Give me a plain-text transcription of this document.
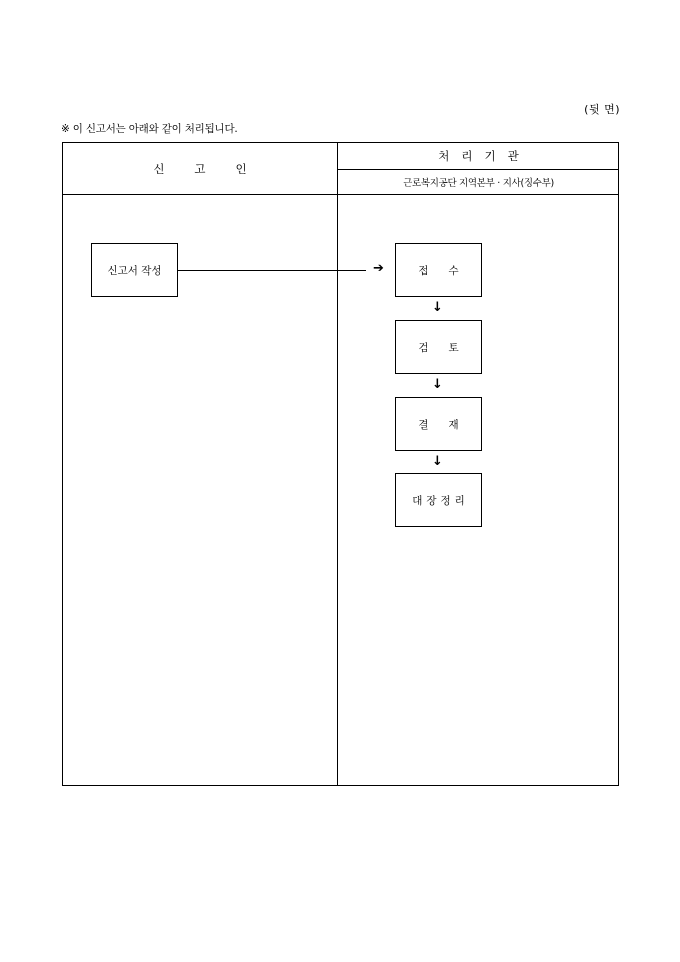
(뒷 면)
※ 이 신고서는 아래와 같이 처리됩니다.
신고인
처리기관
근로복지공단 지역본부 · 지사(징수부)
신고서 작성	➔	접수
↓
검토
↓
결재
↓
대장정리
